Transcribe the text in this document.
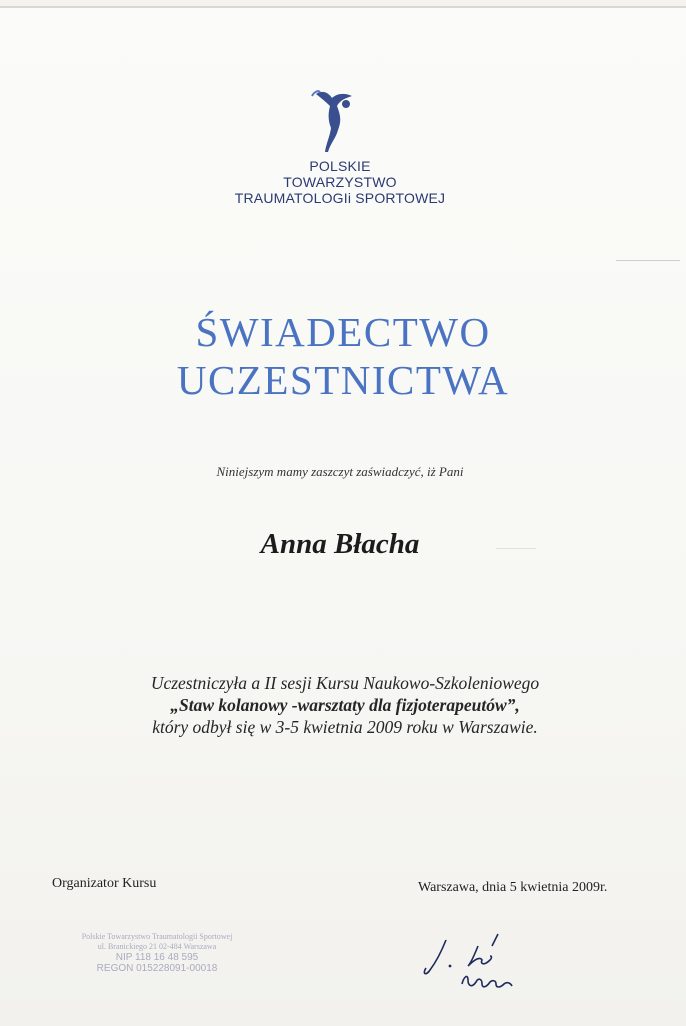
POLSKIE
TOWARZYSTWO
TRAUMATOLOGIi SPORTOWEJ
ŚWIADECTWO
UCZESTNICTWA
Niniejszym mamy zaszczyt zaświadczyć, iż Pani
Anna Błacha
Uczestniczyła a II sesji Kursu Naukowo-Szkoleniowego
„Staw kolanowy -warsztaty dla fizjoterapeutów”,
który odbył się w 3-5 kwietnia 2009 roku w Warszawie.
Organizator Kursu	Warszawa, dnia 5 kwietnia 2009r.
Polskie Towarzystwo Traumatologii Sportowej
ul. Branickiego 21 02-484 Warszawa
NIP 118 16 48 595
REGON 015228091-00018
